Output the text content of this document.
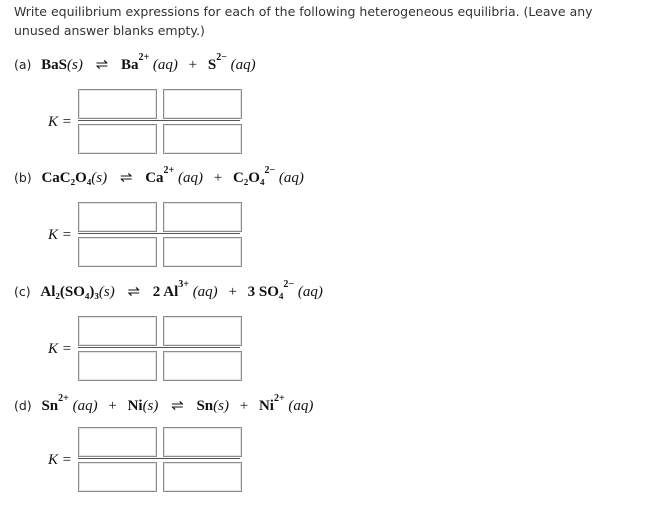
Write equilibrium expressions for each of the following heterogeneous equilibria. (Leave any unused answer blanks empty.)
(a) BaS(s) ⇌ $Ba^{2+}$ $(aq) + S^{2-}$ (aq)
K =
(b) CaC₂O₄(s) ⇌ $Ca^{2+}$ (aq) + C₂O₄$^{2-}$ (aq)
K =
(c) Al₂(SO₄)₃(s) ⇌ 2 $Al^{3+}$ (aq) + 3 SO₄$^{2-}$ (aq)
K =
(d) $Sn^{2+}$ (aq) + Ni(s) ⇌ $Sn(s) + Ni^{2+}$ (aq)
K =
